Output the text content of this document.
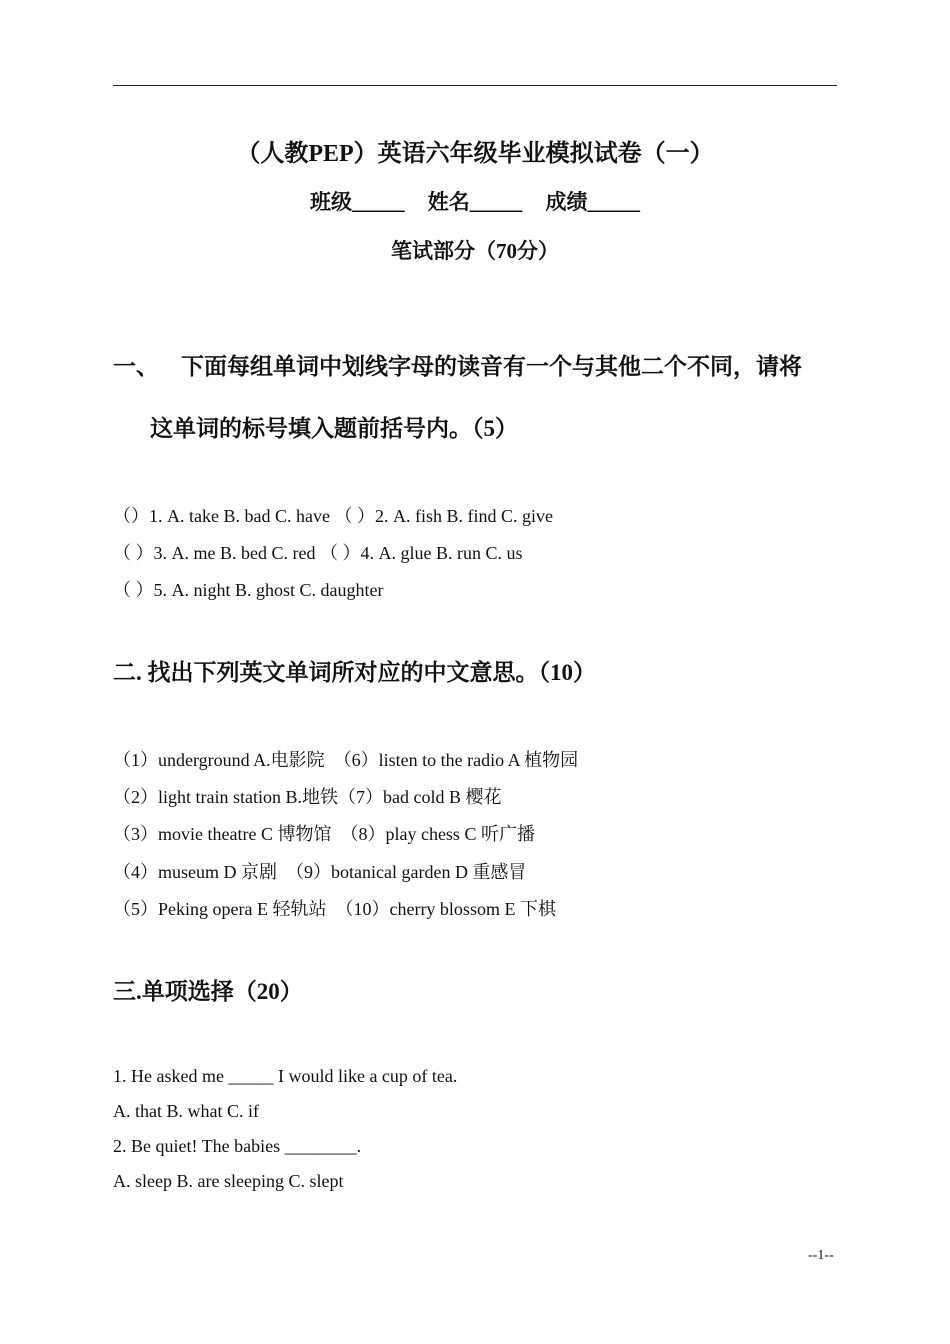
（人教PEP）英语六年级毕业模拟试卷（一）
班级_____ 姓名_____ 成绩_____
笔试部分（70分）
一、 下面每组单词中划线字母的读音有一个与其他二个不同，请将
这单词的标号填入题前括号内。（5）
（）1. A. take B. bad C. have （ ）2. A. fish B. find C. give
（ ）3. A. me B. bed C. red （ ）4. A. glue B. run C. us
（ ）5. A. night B. ghost C. daughter
二. 找出下列英文单词所对应的中文意思。（10）
（1）underground A.电影院　（6）listen to the radio A 植物园
（2）light train station B.地铁（7）bad cold B 樱花
（3）movie theatre C 博物馆　（8）play chess C 听广播
（4）museum D 京剧　（9）botanical garden D 重感冒
（5）Peking opera E 轻轨站　（10）cherry blossom E 下棋
三.单项选择（20）
1. He asked me _____ I would like a cup of tea.
A. that B. what C. if
2. Be quiet! The babies ________.
A. sleep B. are sleeping C. slept
--1--
